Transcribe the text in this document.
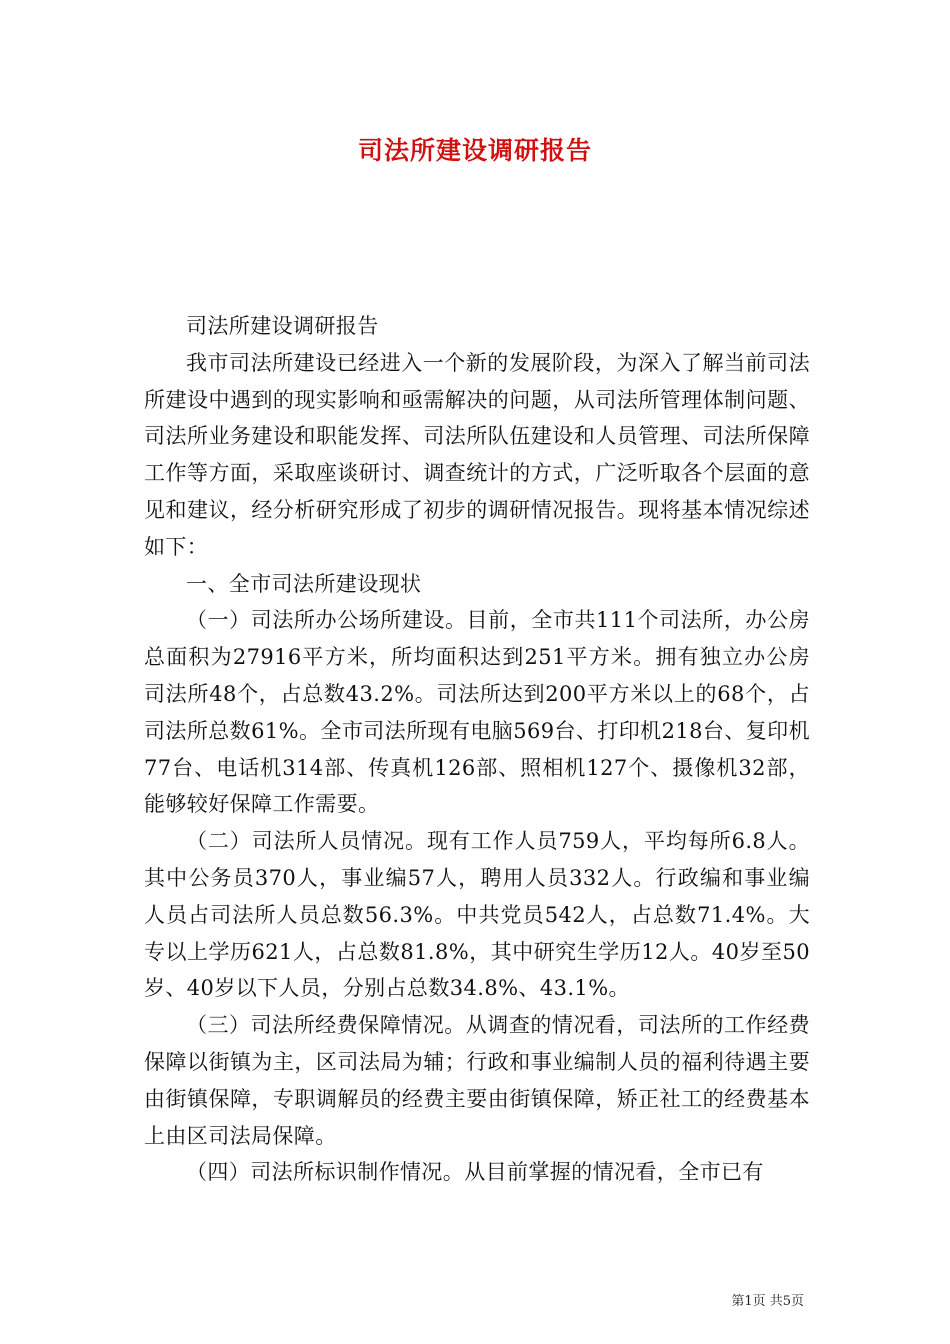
司法所建设调研报告

司法所建设调研报告

我市司法所建设已经进入一个新的发展阶段，为深入了解当前司法所建设中遇到的现实影响和亟需解决的问题，从司法所管理体制问题、司法所业务建设和职能发挥、司法所队伍建设和人员管理、司法所保障工作等方面，采取座谈研讨、调查统计的方式，广泛听取各个层面的意见和建议，经分析研究形成了初步的调研情况报告。现将基本情况综述如下：

一、全市司法所建设现状

（一）司法所办公场所建设。目前，全市共111个司法所，办公房总面积为27916平方米，所均面积达到251平方米。拥有独立办公房司法所48个，占总数43.2%。司法所达到200平方米以上的68个，占司法所总数61%。全市司法所现有电脑569台、打印机218台、复印机77台、电话机314部、传真机126部、照相机127个、摄像机32部，能够较好保障工作需要。

（二）司法所人员情况。现有工作人员759人，平均每所6.8人。其中公务员370人，事业编57人，聘用人员332人。行政编和事业编人员占司法所人员总数56.3%。中共党员542人，占总数71.4%。大专以上学历621人，占总数81.8%，其中研究生学历12人。40岁至50岁、40岁以下人员，分别占总数34.8%、43.1%。

（三）司法所经费保障情况。从调查的情况看，司法所的工作经费保障以街镇为主，区司法局为辅；行政和事业编制人员的福利待遇主要由街镇保障，专职调解员的经费主要由街镇保障，矫正社工的经费基本上由区司法局保障。

（四）司法所标识制作情况。从目前掌握的情况看，全市已有

第1页 共5页
